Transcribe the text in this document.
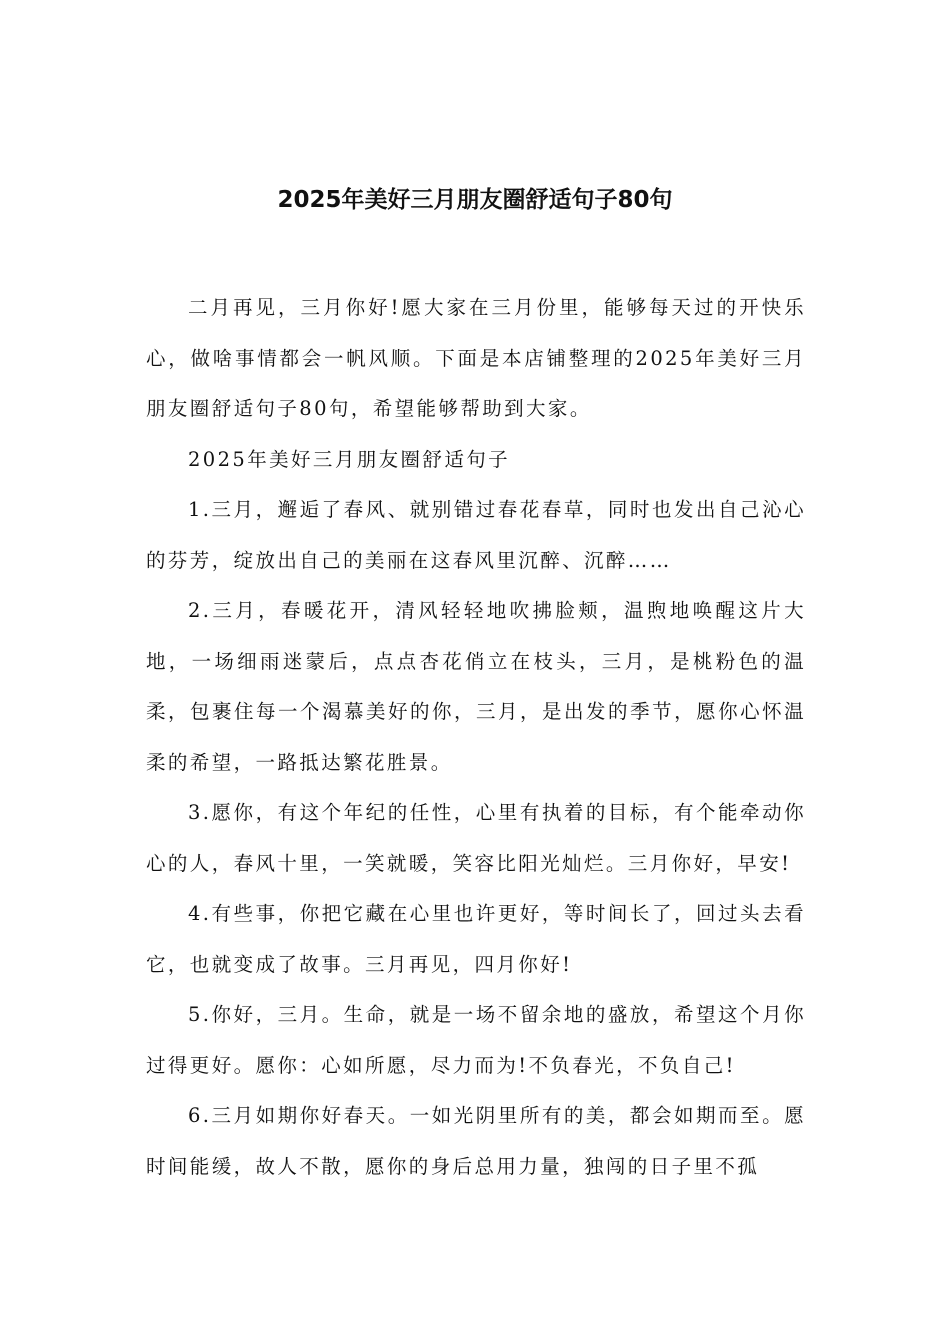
2025年美好三月朋友圈舒适句子80句

二月再见，三月你好!愿大家在三月份里，能够每天过的开快乐心，做啥事情都会一帆风顺。下面是本店铺整理的2025年美好三月朋友圈舒适句子80句，希望能够帮助到大家。

2025年美好三月朋友圈舒适句子

1.三月，邂逅了春风、就别错过春花春草，同时也发出自己沁心的芬芳，绽放出自己的美丽在这春风里沉醉、沉醉……

2.三月，春暖花开，清风轻轻地吹拂脸颊，温煦地唤醒这片大地，一场细雨迷蒙后，点点杏花俏立在枝头，三月，是桃粉色的温柔，包裹住每一个渴慕美好的你，三月，是出发的季节，愿你心怀温柔的希望，一路抵达繁花胜景。

3.愿你，有这个年纪的任性，心里有执着的目标，有个能牵动你心的人，春风十里，一笑就暖，笑容比阳光灿烂。三月你好，早安!

4.有些事，你把它藏在心里也许更好，等时间长了，回过头去看它，也就变成了故事。三月再见，四月你好!

5.你好，三月。生命，就是一场不留余地的盛放，希望这个月你过得更好。愿你：心如所愿，尽力而为!不负春光，不负自己!

6.三月如期你好春天。一如光阴里所有的美，都会如期而至。愿时间能缓，故人不散，愿你的身后总用力量，独闯的日子里不孤
